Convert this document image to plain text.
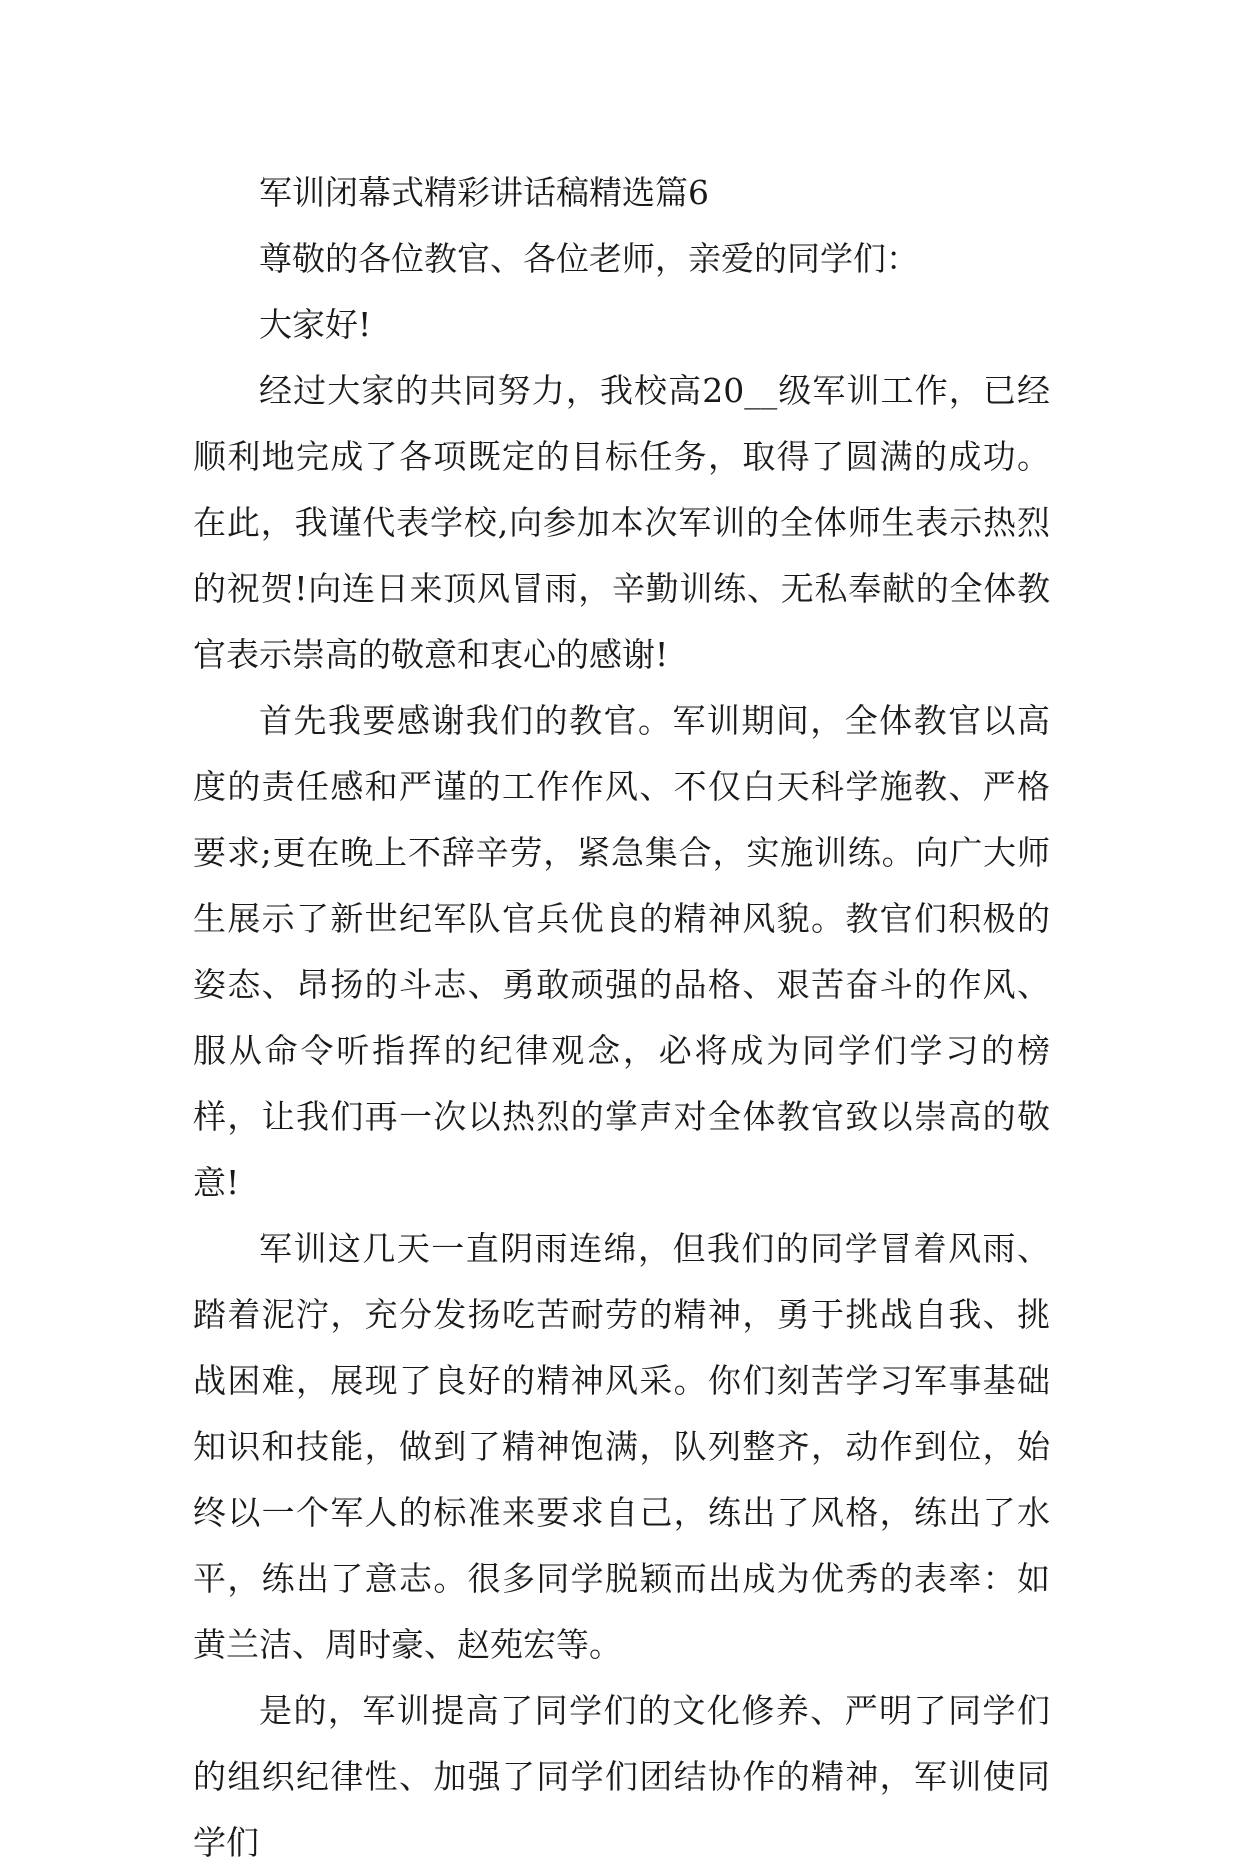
军训闭幕式精彩讲话稿精选篇6

尊敬的各位教官、各位老师，亲爱的同学们：

大家好!

经过大家的共同努力，我校高20__级军训工作，已经顺利地完成了各项既定的目标任务，取得了圆满的成功。在此，我谨代表学校,向参加本次军训的全体师生表示热烈的祝贺!向连日来顶风冒雨，辛勤训练、无私奉献的全体教官表示崇高的敬意和衷心的感谢!

首先我要感谢我们的教官。军训期间，全体教官以高度的责任感和严谨的工作作风、不仅白天科学施教、严格要求;更在晚上不辞辛劳，紧急集合，实施训练。向广大师生展示了新世纪军队官兵优良的精神风貌。教官们积极的姿态、昂扬的斗志、勇敢顽强的品格、艰苦奋斗的作风、服从命令听指挥的纪律观念，必将成为同学们学习的榜样，让我们再一次以热烈的掌声对全体教官致以崇高的敬意!

军训这几天一直阴雨连绵，但我们的同学冒着风雨、踏着泥泞，充分发扬吃苦耐劳的精神，勇于挑战自我、挑战困难，展现了良好的精神风采。你们刻苦学习军事基础知识和技能，做到了精神饱满，队列整齐，动作到位，始终以一个军人的标准来要求自己，练出了风格，练出了水平，练出了意志。很多同学脱颖而出成为优秀的表率：如黄兰洁、周时豪、赵苑宏等。

是的，军训提高了同学们的文化修养、严明了同学们的组织纪律性、加强了同学们团结协作的精神，军训使同学们
